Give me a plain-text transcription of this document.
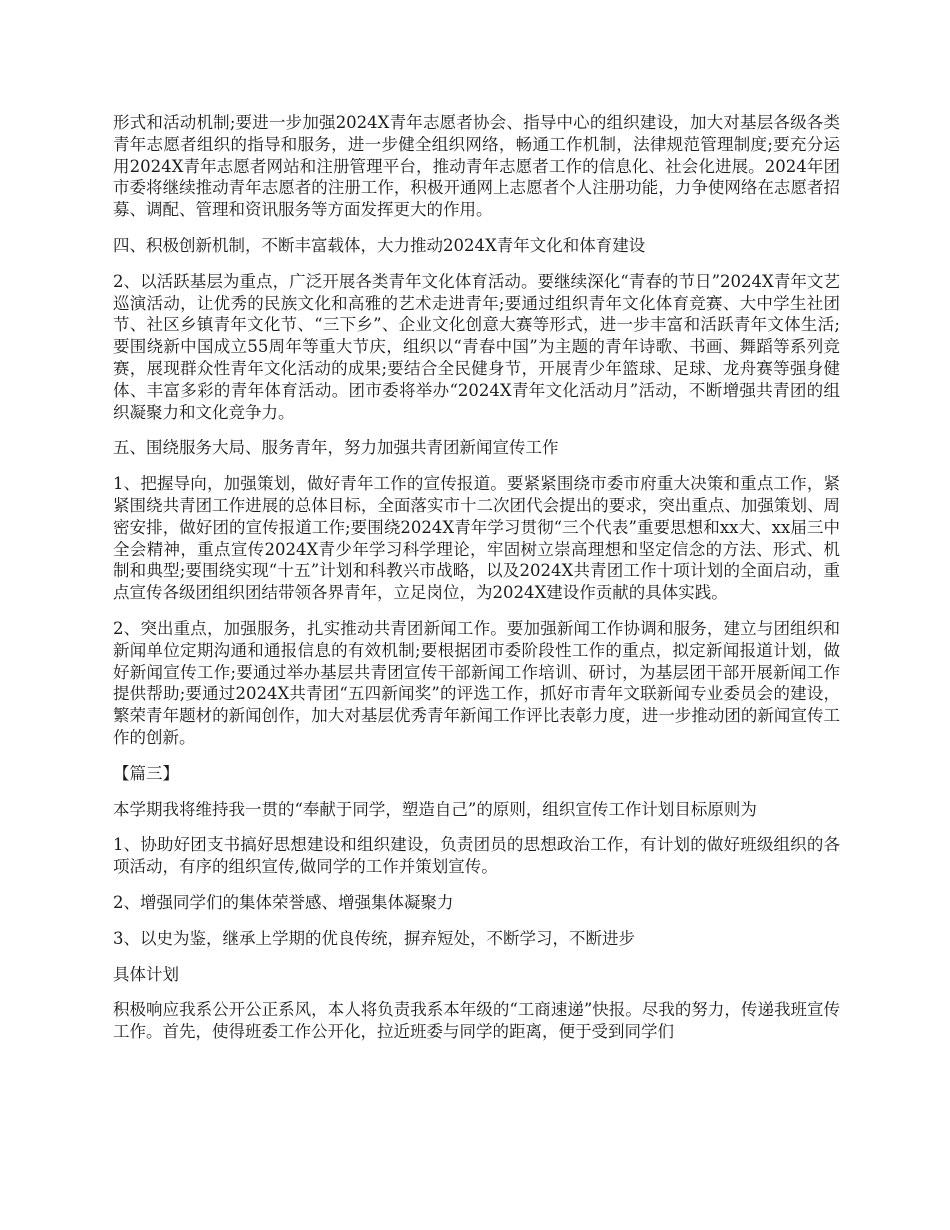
形式和活动机制;要进一步加强2024X青年志愿者协会、指导中心的组织建设，加大对基层各级各类青年志愿者组织的指导和服务，进一步健全组织网络，畅通工作机制，法律规范管理制度;要充分运用2024X青年志愿者网站和注册管理平台，推动青年志愿者工作的信息化、社会化进展。2024年团市委将继续推动青年志愿者的注册工作，积极开通网上志愿者个人注册功能，力争使网络在志愿者招募、调配、管理和资讯服务等方面发挥更大的作用。

四、积极创新机制，不断丰富载体，大力推动2024X青年文化和体育建设

2、以活跃基层为重点，广泛开展各类青年文化体育活动。要继续深化“青春的节日”2024X青年文艺巡演活动，让优秀的民族文化和高雅的艺术走进青年;要通过组织青年文化体育竞赛、大中学生社团节、社区乡镇青年文化节、“三下乡”、企业文化创意大赛等形式，进一步丰富和活跃青年文体生活;要围绕新中国成立55周年等重大节庆，组织以“青春中国”为主题的青年诗歌、书画、舞蹈等系列竞赛，展现群众性青年文化活动的成果;要结合全民健身节，开展青少年篮球、足球、龙舟赛等强身健体、丰富多彩的青年体育活动。团市委将举办“2024X青年文化活动月”活动，不断增强共青团的组织凝聚力和文化竞争力。

五、围绕服务大局、服务青年，努力加强共青团新闻宣传工作

1、把握导向，加强策划，做好青年工作的宣传报道。要紧紧围绕市委市府重大决策和重点工作，紧紧围绕共青团工作进展的总体目标，全面落实市十二次团代会提出的要求，突出重点、加强策划、周密安排，做好团的宣传报道工作;要围绕2024X青年学习贯彻“三个代表”重要思想和xx大、xx届三中全会精神，重点宣传2024X青少年学习科学理论，牢固树立崇高理想和坚定信念的方法、形式、机制和典型;要围绕实现“十五”计划和科教兴市战略，以及2024X共青团工作十项计划的全面启动，重点宣传各级团组织团结带领各界青年，立足岗位，为2024X建设作贡献的具体实践。

2、突出重点，加强服务，扎实推动共青团新闻工作。要加强新闻工作协调和服务，建立与团组织和新闻单位定期沟通和通报信息的有效机制;要根据团市委阶段性工作的重点，拟定新闻报道计划，做好新闻宣传工作;要通过举办基层共青团宣传干部新闻工作培训、研讨，为基层团干部开展新闻工作提供帮助;要通过2024X共青团“五四新闻奖”的评选工作，抓好市青年文联新闻专业委员会的建设，繁荣青年题材的新闻创作，加大对基层优秀青年新闻工作评比表彰力度，进一步推动团的新闻宣传工作的创新。

【篇三】

本学期我将维持我一贯的“奉献于同学，塑造自己”的原则，组织宣传工作计划目标原则为

1、协助好团支书搞好思想建设和组织建设，负责团员的思想政治工作，有计划的做好班级组织的各项活动，有序的组织宣传,做同学的工作并策划宣传。

2、增强同学们的集体荣誉感、增强集体凝聚力

3、以史为鉴，继承上学期的优良传统，摒弃短处，不断学习，不断进步

具体计划

积极响应我系公开公正系风，本人将负责我系本年级的“工商速递”快报。尽我的努力，传递我班宣传工作。首先，使得班委工作公开化，拉近班委与同学的距离，便于受到同学们
